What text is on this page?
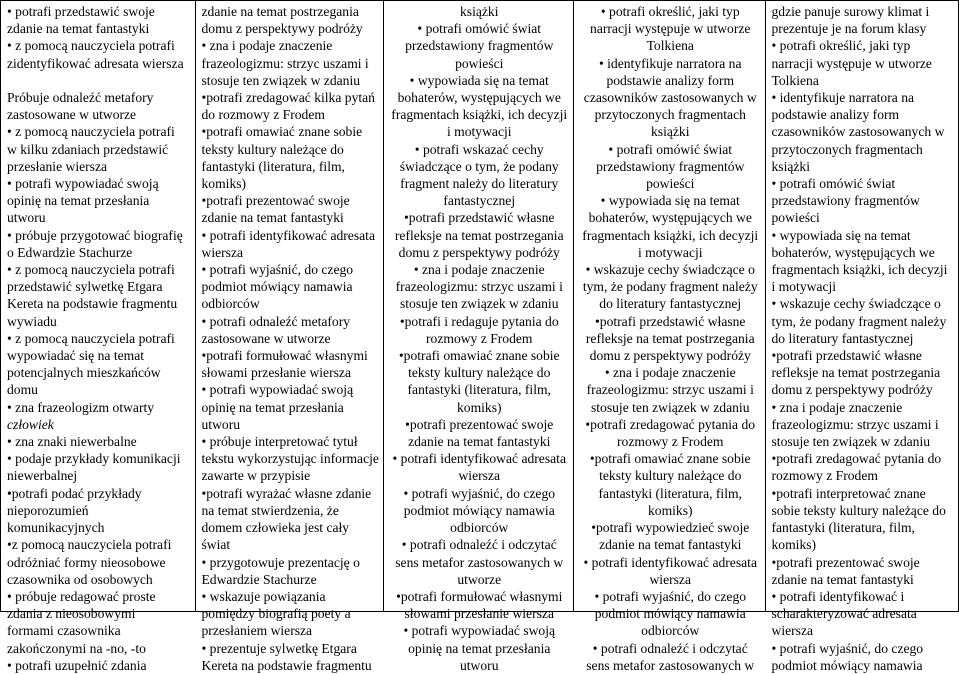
• potrafi przedstawić swoje
zdanie na temat fantastyki
• z pomocą nauczyciela potrafi
zidentyfikować adresata wiersza

Próbuje odnaleźć metafory
zastosowane w utworze
• z pomocą nauczyciela potrafi
w kilku zdaniach przedstawić
przesłanie wiersza
• potrafi wypowiadać swoją
opinię na temat przesłania
utworu
• próbuje przygotować biografię
o Edwardzie Stachurze
• z pomocą nauczyciela potrafi
przedstawić sylwetkę Etgara
Kereta na podstawie fragmentu
wywiadu
• z pomocą nauczyciela potrafi
wypowiadać się na temat
potencjalnych mieszkańców
domu
• zna frazeologizm otwarty
człowiek
• zna znaki niewerbalne
• podaje przykłady komunikacji
niewerbalnej
•potrafi podać przykłady
nieporozumień
komunikacyjnych
•z pomocą nauczyciela potrafi
odróżniać formy nieosobowe
czasownika od osobowych
• próbuje redagować proste
zdania z nieosobowymi
formami czasownika
zakończonymi na -no, -to
• potrafi uzupełnić zdania
zdanie na temat postrzegania
domu z perspektywy podróży
• zna i podaje znaczenie
frazeologizmu: strzyc uszami i
stosuje ten związek w zdaniu
•potrafi zredagować kilka pytań
do rozmowy z Frodem
•potrafi omawiać znane sobie
teksty kultury należące do
fantastyki (literatura, film,
komiks)
•potrafi prezentować swoje
zdanie na temat fantastyki
• potrafi identyfikować adresata
wiersza
• potrafi wyjaśnić, do czego
podmiot mówiący namawia
odbiorców
• potrafi odnaleźć metafory
zastosowane w utworze
•potrafi formułować własnymi
słowami przesłanie wiersza
• potrafi wypowiadać swoją
opinię na temat przesłania
utworu
• próbuje interpretować tytuł
tekstu wykorzystując informacje
zawarte w przypisie
•potrafi wyrażać własne zdanie
na temat stwierdzenia, że
domem człowieka jest cały
świat
• przygotowuje prezentację o
Edwardzie Stachurze
• wskazuje powiązania
pomiędzy biografią poety a
przesłaniem wiersza
• prezentuje sylwetkę Etgara
Kereta na podstawie fragmentu
książki
• potrafi omówić świat
przedstawiony fragmentów
powieści
• wypowiada się na temat
bohaterów, występujących we
fragmentach książki, ich decyzji
i motywacji
• potrafi wskazać cechy
świadczące o tym, że podany
fragment należy do literatury
fantastycznej
•potrafi przedstawić własne
refleksje na temat postrzegania
domu z perspektywy podróży
• zna i podaje znaczenie
frazeologizmu: strzyc uszami i
stosuje ten związek w zdaniu
•potrafi i redaguje pytania do
rozmowy z Frodem
•potrafi omawiać znane sobie
teksty kultury należące do
fantastyki (literatura, film,
komiks)
•potrafi prezentować swoje
zdanie na temat fantastyki
• potrafi identyfikować adresata
wiersza
• potrafi wyjaśnić, do czego
podmiot mówiący namawia
odbiorców
• potrafi odnaleźć i odczytać
sens metafor zastosowanych w
utworze
•potrafi formułować własnymi
słowami przesłanie wiersza
• potrafi wypowiadać swoją
opinię na temat przesłania
utworu
• potrafi określić, jaki typ
narracji występuje w utworze
Tolkiena
• identyfikuje narratora na
podstawie analizy form
czasowników zastosowanych w
przytoczonych fragmentach
książki
• potrafi omówić świat
przedstawiony fragmentów
powieści
• wypowiada się na temat
bohaterów, występujących we
fragmentach książki, ich decyzji
i motywacji
• wskazuje cechy świadczące o
tym, że podany fragment należy
do literatury fantastycznej
•potrafi przedstawić własne
refleksje na temat postrzegania
domu z perspektywy podróży
• zna i podaje znaczenie
frazeologizmu: strzyc uszami i
stosuje ten związek w zdaniu
•potrafi zredagować pytania do
rozmowy z Frodem
•potrafi omawiać znane sobie
teksty kultury należące do
fantastyki (literatura, film,
komiks)
•potrafi wypowiedzieć swoje
zdanie na temat fantastyki
• potrafi identyfikować adresata
wiersza
• potrafi wyjaśnić, do czego
podmiot mówiący namawia
odbiorców
• potrafi odnaleźć i odczytać
sens metafor zastosowanych w
gdzie panuje surowy klimat i
prezentuje je na forum klasy
• potrafi określić, jaki typ
narracji występuje w utworze
Tolkiena
• identyfikuje narratora na
podstawie analizy form
czasowników zastosowanych w
przytoczonych fragmentach
książki
• potrafi omówić świat
przedstawiony fragmentów
powieści
• wypowiada się na temat
bohaterów, występujących we
fragmentach książki, ich decyzji
i motywacji
• wskazuje cechy świadczące o
tym, że podany fragment należy
do literatury fantastycznej
•potrafi przedstawić własne
refleksje na temat postrzegania
domu z perspektywy podróży
• zna i podaje znaczenie
frazeologizmu: strzyc uszami i
stosuje ten związek w zdaniu
•potrafi zredagować pytania do
rozmowy z Frodem
•potrafi interpretować znane
sobie teksty kultury należące do
fantastyki (literatura, film,
komiks)
•potrafi prezentować swoje
zdanie na temat fantastyki
• potrafi identyfikować i
scharakteryzować adresata
wiersza
• potrafi wyjaśnić, do czego
podmiot mówiący namawia
